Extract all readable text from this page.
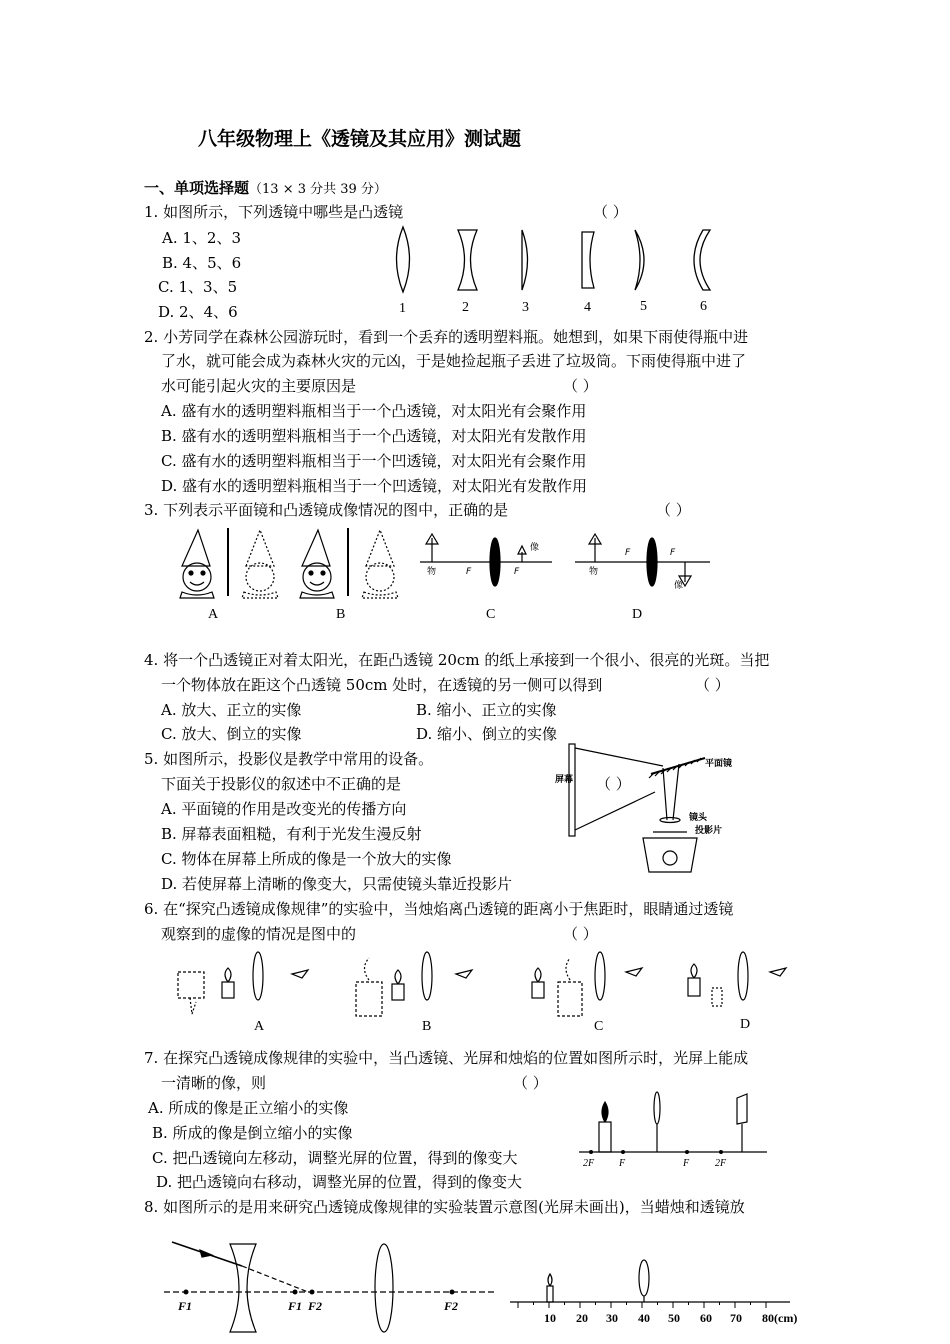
八年级物理上《透镜及其应用》测试题
一、单项选择题（13 × 3 分共 39 分）
1. 如图所示，下列透镜中哪些是凸透镜	（ ）
A. 1、2、3
B. 4、5、6
C. 1、3、5
D. 2、4、6	1	2	3	4	5	6
2. 小芳同学在森林公园游玩时，看到一个丢弃的透明塑料瓶。她想到，如果下雨使得瓶中进
了水，就可能会成为森林火灾的元凶，于是她捡起瓶子丢进了垃圾筒。下雨使得瓶中进了
水可能引起火灾的主要原因是	（ ）
A. 盛有水的透明塑料瓶相当于一个凸透镜，对太阳光有会聚作用
B. 盛有水的透明塑料瓶相当于一个凸透镜，对太阳光有发散作用
C. 盛有水的透明塑料瓶相当于一个凹透镜，对太阳光有会聚作用
D. 盛有水的透明塑料瓶相当于一个凹透镜，对太阳光有发散作用
3. 下列表示平面镜和凸透镜成像情况的图中，正确的是	（ ）
A	B	C	D
物	F	F
像
物
F	F
像
4. 将一个凸透镜正对着太阳光，在距凸透镜 20cm 的纸上承接到一个很小、很亮的光斑。当把
一个物体放在距这个凸透镜 50cm 处时，在透镜的另一侧可以得到	（ ）
A. 放大、正立的实像	B. 缩小、正立的实像
C. 放大、倒立的实像	D. 缩小、倒立的实像
5. 如图所示，投影仪是教学中常用的设备。
下面关于投影仪的叙述中不正确的是	（ ）
A. 平面镜的作用是改变光的传播方向
B. 屏幕表面粗糙，有利于光发生漫反射
C. 物体在屏幕上所成的像是一个放大的实像
D. 若使屏幕上清晰的像变大，只需使镜头靠近投影片
屏幕
平面镜
镜头
投影片
6. 在“探究凸透镜成像规律”的实验中，当烛焰离凸透镜的距离小于焦距时，眼睛通过透镜
观察到的虚像的情况是图中的	（ ）
A	B	C	D
7. 在探究凸透镜成像规律的实验中，当凸透镜、光屏和烛焰的位置如图所示时，光屏上能成
一清晰的像，则	（ ）
A. 所成的像是正立缩小的实像
B. 所成的像是倒立缩小的实像
C. 把凸透镜向左移动，调整光屏的位置，得到的像变大
D. 把凸透镜向右移动，调整光屏的位置，得到的像变大
2F F	F	2F
8. 如图所示的是用来研究凸透镜成像规律的实验装置示意图(光屏未画出)，当蜡烛和透镜放
F1	F1 F2	F2
10 20 30 40 50 60 70 80(cm)
